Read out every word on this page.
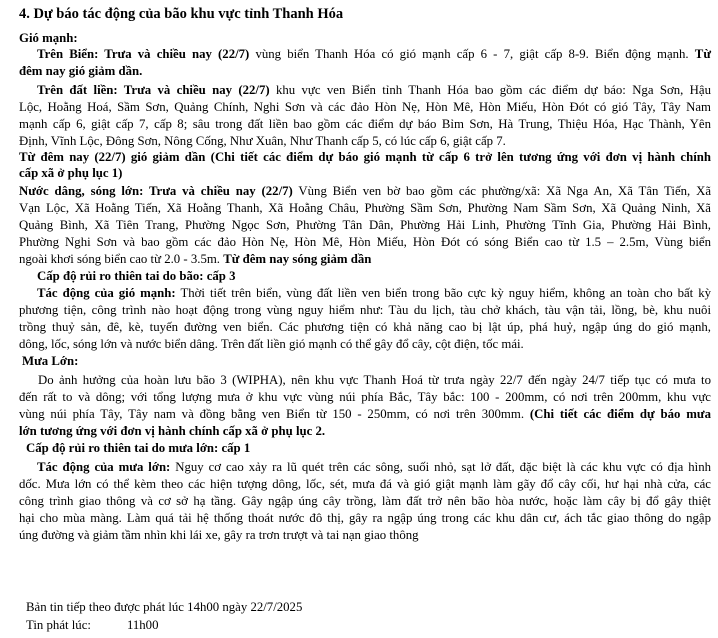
4. Dự báo tác động của bão khu vực tỉnh Thanh Hóa
Gió mạnh:
Trên Biển: Trưa và chiều nay (22/7) vùng biển Thanh Hóa có gió mạnh cấp 6 - 7, giật cấp 8-9. Biển động mạnh. Từ
đêm nay gió giảm dần.
Trên đất liền: Trưa và chiều nay (22/7) khu vực ven Biển tỉnh Thanh Hóa bao gồm các điểm dự báo: Nga Sơn, Hậu
Lộc, Hoằng Hoá, Sầm Sơn, Quảng Chính, Nghi Sơn và các đảo Hòn Nẹ, Hòn Mê, Hòn Miếu, Hòn Đót có gió Tây, Tây Nam
mạnh cấp 6, giật cấp 7, cấp 8; sâu trong đất liền bao gồm các điểm dự báo Bỉm Sơn, Hà Trung, Thiệu Hóa, Hạc Thành, Yên
Định, Vĩnh Lộc, Đông Sơn, Nông Cống, Như Xuân, Như Thanh cấp 5, có lúc cấp 6, giật cấp 7.
Từ đêm nay (22/7) gió giảm dần (Chi tiết các điểm dự báo gió mạnh từ cấp 6 trở lên tương ứng với đơn vị hành chính
cấp xã ở phụ lục 1)
Nước dâng, sóng lớn: Trưa và chiều nay (22/7) Vùng Biển ven bờ bao gồm các phường/xã: Xã Nga An, Xã Tân Tiến, Xã
Vạn Lộc, Xã Hoằng Tiến, Xã Hoằng Thanh, Xã Hoằng Châu, Phường Sầm Sơn, Phường Nam Sầm Sơn, Xã Quảng Ninh, Xã
Quảng Bình, Xã Tiên Trang, Phường Ngọc Sơn, Phường Tân Dân, Phường Hải Linh, Phường Tĩnh Gia, Phường Hải Bình,
Phường Nghi Sơn và bao gồm các đảo Hòn Nẹ, Hòn Mê, Hòn Miếu, Hòn Đót có sóng Biển cao từ 1.5 – 2.5m, Vùng biển
ngoài khơi sóng biển cao từ 2.0 - 3.5m. Từ đêm nay sóng giảm dần
Cấp độ rủi ro thiên tai do bão: cấp 3
Tác động của gió mạnh: Thời tiết trên biển, vùng đất liền ven biển trong bão cực kỳ nguy hiểm, không an toàn cho bất kỳ
phương tiện, công trình nào hoạt động trong vùng nguy hiểm như: Tàu du lịch, tàu chở khách, tàu vận tải, lồng, bè, khu nuôi
trồng thuỷ sản, đê, kè, tuyến đường ven biển. Các phương tiện có khả năng cao bị lật úp, phá huỷ, ngập úng do gió mạnh,
dông, lốc, sóng lớn và nước biển dâng. Trên đất liền gió mạnh có thể gây đổ cây, cột điện, tốc mái.
Mưa Lớn:
Do ảnh hưởng của hoàn lưu bão 3 (WIPHA), nên khu vực Thanh Hoá từ trưa ngày 22/7 đến ngày 24/7 tiếp tục có mưa to
đến rất to và dông; với tổng lượng mưa ở khu vực vùng núi phía Bắc, Tây bắc: 100 - 200mm, có nơi trên 200mm, khu vực
vùng núi phía Tây, Tây nam và đồng bằng ven Biển từ 150 - 250mm, có nơi trên 300mm. (Chi tiết các điểm dự báo mưa
lớn tương ứng với đơn vị hành chính cấp xã ở phụ lục 2.
Cấp độ rủi ro thiên tai do mưa lớn: cấp 1
Tác động của mưa lớn: Nguy cơ cao xảy ra lũ quét trên các sông, suối nhỏ, sạt lở đất, đặc biệt là các khu vực có địa hình
dốc. Mưa lớn có thể kèm theo các hiện tượng dông, lốc, sét, mưa đá và gió giật mạnh làm gãy đổ cây cối, hư hại nhà cửa, các
công trình giao thông và cơ sở hạ tầng. Gây ngập úng cây trồng, làm đất trở nên bão hòa nước, hoặc làm cây bị đổ gây thiệt
hại cho mùa màng. Làm quá tải hệ thống thoát nước đô thị, gây ra ngập úng trong các khu dân cư, ách tắc giao thông do ngập
úng đường và giảm tầm nhìn khi lái xe, gây ra trơn trượt và tai nạn giao thông
Bản tin tiếp theo được phát lúc 14h00 ngày 22/7/2025
Tin phát lúc:	11h00
